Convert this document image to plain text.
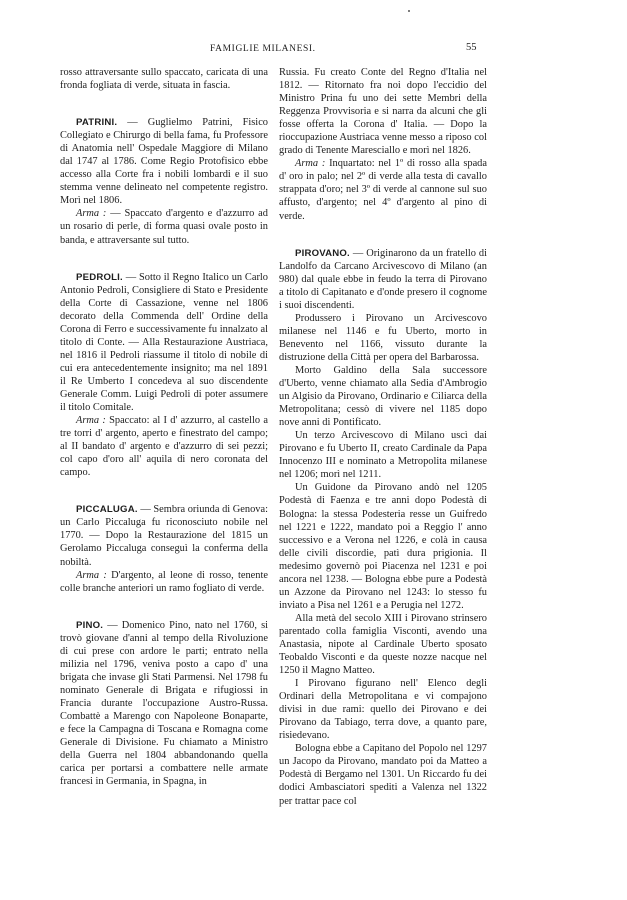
FAMIGLIE MILANESI.	55

rosso attraversante sullo spaccato, caricata di una fronda fogliata di verde, situata in fascia.

PATRINI. — Guglielmo Patrini, Fisico Collegiato e Chirurgo di bella fama, fu Professore di Anatomia nell' Ospedale Maggiore di Milano dal 1747 al 1786. Come Regio Protofisico ebbe accesso alla Corte fra i nobili lombardi e il suo stemma venne delineato nel competente registro. Morì nel 1806.

Arma : — Spaccato d'argento e d'azzurro ad un rosario di perle, di forma quasi ovale posto in banda, e attraversante sul tutto.

PEDROLI. — Sotto il Regno Italico un Carlo Antonio Pedroli, Consigliere di Stato e Presidente della Corte di Cassazione, venne nel 1806 decorato della Commenda dell' Ordine della Corona di Ferro e successivamente fu innalzato al titolo di Conte. — Alla Restaurazione Austriaca, nel 1816 il Pedroli riassume il titolo di nobile di cui era antecedentemente insignito; ma nel 1891 il Re Umberto I concedeva al suo discendente Generale Comm. Luigi Pedroli di poter assumere il titolo Comitale.

Arma : Spaccato: al I d' azzurro, al castello a tre torri d' argento, aperto e finestrato del campo; al II bandato d' argento e d'azzurro di sei pezzi; col capo d'oro all' aquila di nero coronata del campo.

PICCALUGA. — Sembra oriunda di Genova: un Carlo Piccaluga fu riconosciuto nobile nel 1770. — Dopo la Restaurazione del 1815 un Gerolamo Piccaluga conseguì la conferma della nobiltà.

Arma : D'argento, al leone di rosso, tenente colle branche anteriori un ramo fogliato di verde.

PINO. — Domenico Pino, nato nel 1760, si trovò giovane d'anni al tempo della Rivoluzione di cui prese con ardore le parti; entrato nella milizia nel 1796, veniva posto a capo d' una brigata che invase gli Stati Parmensi. Nel 1798 fu nominato Generale di Brigata e rifugiossi in Francia durante l'occupazione Austro-Russa. Combattè a Marengo con Napoleone Bonaparte, e fece la Campagna di Toscana e Romagna come Generale di Divisione. Fu chiamato a Ministro della Guerra nel 1804 abbandonando quella carica per portarsi a combattere nelle armate francesi in Germania, in Spagna, in

Russia. Fu creato Conte del Regno d'Italia nel 1812. — Ritornato fra noi dopo l'eccidio del Ministro Prina fu uno dei sette Membri della Reggenza Provvisoria e si narra da alcuni che gli fosse offerta la Corona d' Italia. — Dopo la rioccupazione Austriaca venne messo a riposo col grado di Tenente Maresciallo e morì nel 1826.

Arma : Inquartato: nel 1º di rosso alla spada d' oro in palo; nel 2º di verde alla testa di cavallo strappata d'oro; nel 3º di verde al cannone sul suo affusto, d'argento; nel 4º d'argento al pino di verde.

PIROVANO. — Originarono da un fratello di Landolfo da Carcano Arcivescovo di Milano (an 980) dal quale ebbe in feudo la terra di Pirovano a titolo di Capitanato e d'onde presero il cognome i suoi discendenti.

Produssero i Pirovano un Arcivescovo milanese nel 1146 e fu Uberto, morto in Benevento nel 1166, vissuto durante la distruzione della Città per opera del Barbarossa.

Morto Galdino della Sala successore d'Uberto, venne chiamato alla Sedia d'Ambrogio un Algisio da Pirovano, Ordinario e Ciliarca della Metropolitana; cessò di vivere nel 1185 dopo nove anni di Pontificato.

Un terzo Arcivescovo di Milano uscì dai Pirovano e fu Uberto II, creato Cardinale da Papa Innocenzo III e nominato a Metropolita milanese nel 1206; morì nel 1211.

Un Guidone da Pirovano andò nel 1205 Podestà di Faenza e tre anni dopo Podestà di Bologna: la stessa Podesteria resse un Guifredo nel 1221 e 1222, mandato poi a Reggio l' anno successivo e a Verona nel 1226, e colà in causa delle civili discordie, patì dura prigionia. Il medesimo governò poi Piacenza nel 1231 e poi ancora nel 1238. — Bologna ebbe pure a Podestà un Azzone da Pirovano nel 1243: lo stesso fu inviato a Pisa nel 1261 e a Perugia nel 1272.

Alla metà del secolo XIII i Pirovano strinsero parentado colla famiglia Visconti, avendo una Anastasia, nipote al Cardinale Uberto sposato Teobaldo Visconti e da queste nozze nacque nel 1250 il Magno Matteo.

I Pirovano figurano nell' Elenco degli Ordinari della Metropolitana e vi compajono divisi in due rami: quello dei Pirovano e dei Pirovano da Tabiago, terra dove, a quanto pare, risiedevano.

Bologna ebbe a Capitano del Popolo nel 1297 un Jacopo da Pirovano, mandato poi da Matteo a Podestà di Bergamo nel 1301. Un Riccardo fu dei dodici Ambasciatori spediti a Valenza nel 1322 per trattar pace col
